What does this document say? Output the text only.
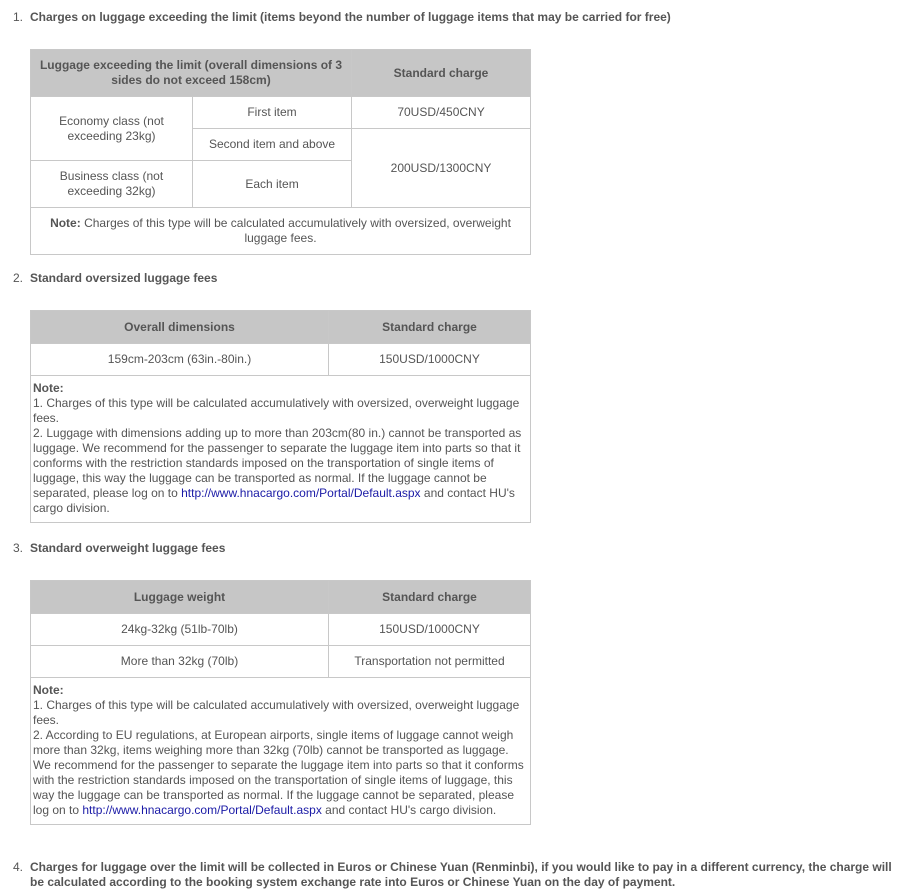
1. Charges on luggage exceeding the limit (items beyond the number of luggage items that may be carried for free)
Luggage exceeding the limit (overall dimensions of 3 sides do not exceed 158cm)		Standard charge
Economy class (not exceeding 23kg)	First item	70USD/450CNY
	Second item and above	200USD/1300CNY
Business class (not exceeding 32kg)	Each item	
Note: Charges of this type will be calculated accumulatively with oversized, overweight luggage fees.		
2. Standard oversized luggage fees
Overall dimensions	Standard charge
159cm-203cm (63in.-80in.)	150USD/1000CNY

Note:
1. Charges of this type will be calculated accumulatively with oversized, overweight luggage fees.
2. Luggage with dimensions adding up to more than 203cm(80 in.) cannot be transported as luggage. We recommend for the passenger to separate the luggage item into parts so that it conforms with the restriction standards imposed on the transportation of single items of luggage, this way the luggage can be transported as normal. If the luggage cannot be separated, please log on to http://www.hnacargo.com/Portal/Default.aspx and contact HU's cargo division.	
3. Standard overweight luggage fees
Luggage weight	Standard charge
24kg-32kg (51lb-70lb)	150USD/1000CNY
More than 32kg (70lb)	Transportation not permitted

Note:
1. Charges of this type will be calculated accumulatively with oversized, overweight luggage fees.
2. According to EU regulations, at European airports, single items of luggage cannot weigh more than 32kg, items weighing more than 32kg (70lb) cannot be transported as luggage. We recommend for the passenger to separate the luggage item into parts so that it conforms with the restriction standards imposed on the transportation of single items of luggage, this way the luggage can be transported as normal. If the luggage cannot be separated, please log on to http://www.hnacargo.com/Portal/Default.aspx and contact HU's cargo division.	
4. Charges for luggage over the limit will be collected in Euros or Chinese Yuan (Renminbi), if you would like to pay in a different currency, the charge will be calculated according to the booking system exchange rate into Euros or Chinese Yuan on the day of payment.
